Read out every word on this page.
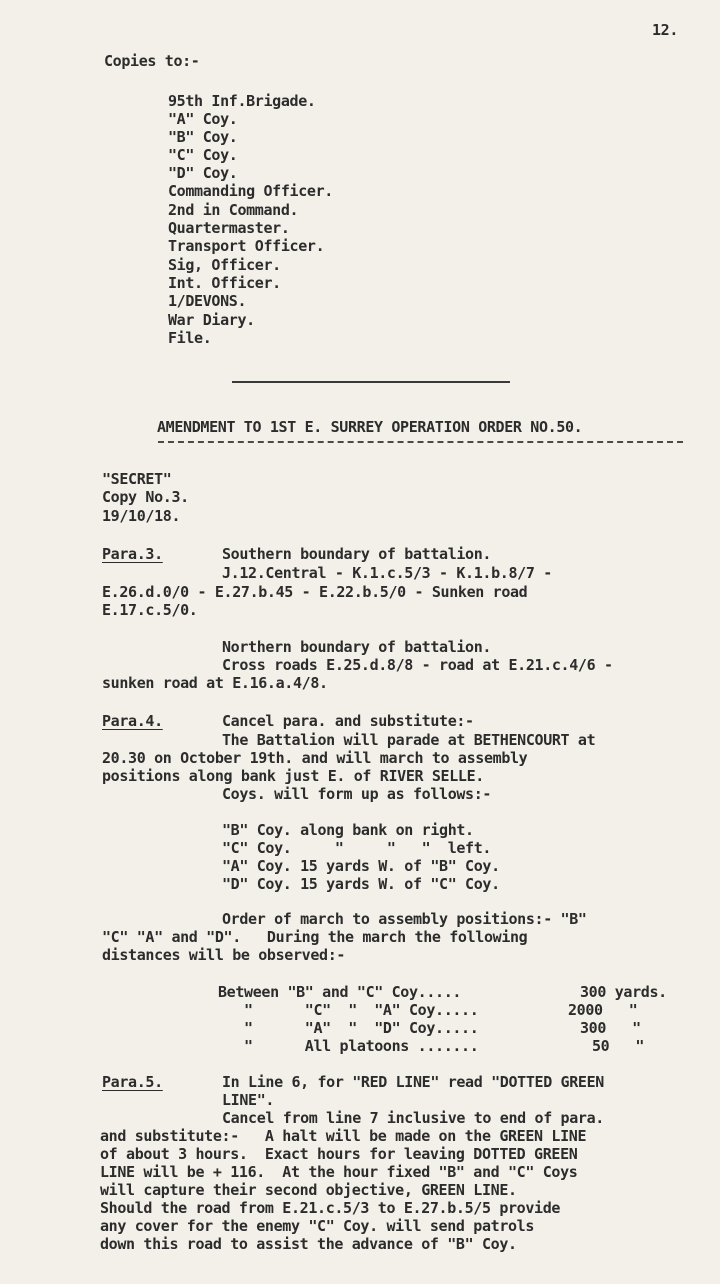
12.
Copies to:-
95th Inf.Brigade.
"A" Coy.
"B" Coy.
"C" Coy.
"D" Coy.
Commanding Officer.
2nd in Command.
Quartermaster.
Transport Officer.
Sig, Officer.
Int. Officer.
1/DEVONS.
War Diary.
File.
AMENDMENT TO 1ST E. SURREY OPERATION ORDER NO.50.
"SECRET"
Copy No.3.
19/10/18.
Para.3.	Southern boundary of battalion.
J.12.Central - K.1.c.5/3 - K.1.b.8/7 -
E.26.d.0/0 - E.27.b.45 - E.22.b.5/0 - Sunken road
E.17.c.5/0.
Northern boundary of battalion.
Cross roads E.25.d.8/8 - road at E.21.c.4/6 -
sunken road at E.16.a.4/8.
Para.4.	Cancel para. and substitute:-
The Battalion will parade at BETHENCOURT at
20.30 on October 19th. and will march to assembly
positions along bank just E. of RIVER SELLE.
Coys. will form up as follows:-
"B" Coy. along bank on right.
"C" Coy.     "     "   "  left.
"A" Coy. 15 yards W. of "B" Coy.
"D" Coy. 15 yards W. of "C" Coy.
Order of march to assembly positions:- "B"
"C" "A" and "D".   During the march the following
distances will be observed:-
Between "B" and "C" Coy.....	300 yards.
"      "C"  "  "A" Coy.....	2000   "
"      "A"  "  "D" Coy.....	300   "
"      All platoons .......	50   "
Para.5.	In Line 6, for "RED LINE" read "DOTTED GREEN
LINE".
Cancel from line 7 inclusive to end of para.
and substitute:-   A halt will be made on the GREEN LINE
of about 3 hours.  Exact hours for leaving DOTTED GREEN
LINE will be + 116.  At the hour fixed "B" and "C" Coys
will capture their second objective, GREEN LINE.
Should the road from E.21.c.5/3 to E.27.b.5/5 provide
any cover for the enemy "C" Coy. will send patrols
down this road to assist the advance of "B" Coy.
